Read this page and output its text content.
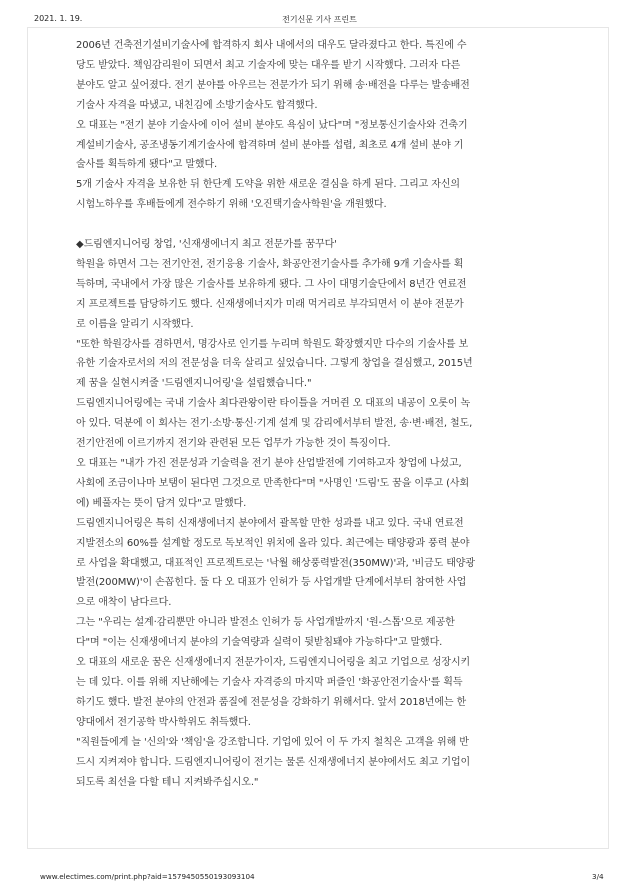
2021. 1. 19.	전기신문 기사 프린트

2006년 건축전기설비기술사에 합격하지 회사 내에서의 대우도 달라졌다고 한다. 특진에 수
당도 받았다. 책임감리원이 되면서 최고 기술자에 맞는 대우를 받기 시작했다. 그러자 다른
분야도 알고 싶어졌다. 전기 분야를 아우르는 전문가가 되기 위해 송·배전을 다루는 발송배전
기술사 자격을 따냈고, 내친김에 소방기술사도 합격했다.

오 대표는 "전기 분야 기술사에 이어 설비 분야도 욕심이 났다"며 "정보통신기술사와 건축기
계설비기술사, 공조냉동기계기술사에 합격하며 설비 분야를 섭렵, 최초로 4개 설비 분야 기
술사를 획득하게 됐다"고 말했다.

5개 기술사 자격을 보유한 뒤 한단계 도약을 위한 새로운 결심을 하게 된다. 그리고 자신의
시험노하우를 후배들에게 전수하기 위해 '오진택기술사학원'을 개원했다.

◆드림엔지니어링 창업, '신재생에너지 최고 전문가를 꿈꾸다'

학원을 하면서 그는 전기안전, 전기응용 기술사, 화공안전기술사를 추가해 9개 기술사를 획
득하며, 국내에서 가장 많은 기술사를 보유하게 됐다. 그 사이 대명기술단에서 8년간 연료전
지 프로젝트를 담당하기도 했다. 신재생에너지가 미래 먹거리로 부각되면서 이 분야 전문가
로 이름을 알리기 시작했다.

"또한 학원강사를 겸하면서, 명강사로 인기를 누리며 학원도 확장했지만 다수의 기술사를 보
유한 기술자로서의 저의 전문성을 더욱 살리고 싶었습니다. 그렇게 창업을 결심했고, 2015년
제 꿈을 실현시켜줄 '드림엔지니어링'을 설립했습니다."

드림엔지니어링에는 국내 기술사 최다관왕이란 타이틀을 거머쥔 오 대표의 내공이 오롯이 녹
아 있다. 덕분에 이 회사는 전기·소방·통신·기계 설계 및 감리에서부터 발전, 송·변·배전, 철도,
전기안전에 이르기까지 전기와 관련된 모든 업무가 가능한 것이 특징이다.

오 대표는 "내가 가진 전문성과 기술력을 전기 분야 산업발전에 기여하고자 창업에 나섰고,
사회에 조금이나마 보탬이 된다면 그것으로 만족한다"며 "사명인 '드림'도 꿈을 이루고 (사회
에) 베풀자는 뜻이 담겨 있다"고 말했다.

드림엔지니어링은 특히 신재생에너지 분야에서 괄목할 만한 성과를 내고 있다. 국내 연료전
지발전소의 60%를 설계할 정도로 독보적인 위치에 올라 있다. 최근에는 태양광과 풍력 분야
로 사업을 확대했고, 대표적인 프로젝트로는 '낙월 해상풍력발전(350MW)'과, '비금도 태양광
발전(200MW)'이 손꼽힌다. 둘 다 오 대표가 인허가 등 사업개발 단계에서부터 참여한 사업
으로 애착이 남다르다.

그는 "우리는 설계·감리뿐만 아니라 발전소 인허가 등 사업개발까지 '원-스톱'으로 제공한
다"며 "이는 신재생에너지 분야의 기술역량과 실력이 뒷받침돼야 가능하다"고 말했다.

오 대표의 새로운 꿈은 신재생에너지 전문가이자, 드림엔지니어링을 최고 기업으로 성장시키
는 데 있다. 이를 위해 지난해에는 기술사 자격증의 마지막 퍼즐인 '화공안전기술사'를 획득
하기도 했다. 발전 분야의 안전과 품질에 전문성을 강화하기 위해서다. 앞서 2018년에는 한
양대에서 전기공학 박사학위도 취득했다.

"직원들에게 늘 '신의'와 '책임'을 강조합니다. 기업에 있어 이 두 가지 철칙은 고객을 위해 반
드시 지켜져야 합니다. 드림엔지니어링이 전기는 물론 신재생에너지 분야에서도 최고 기업이
되도록 최선을 다할 테니 지켜봐주십시오."

www.electimes.com/print.php?aid=1579450550193093104	3/4
